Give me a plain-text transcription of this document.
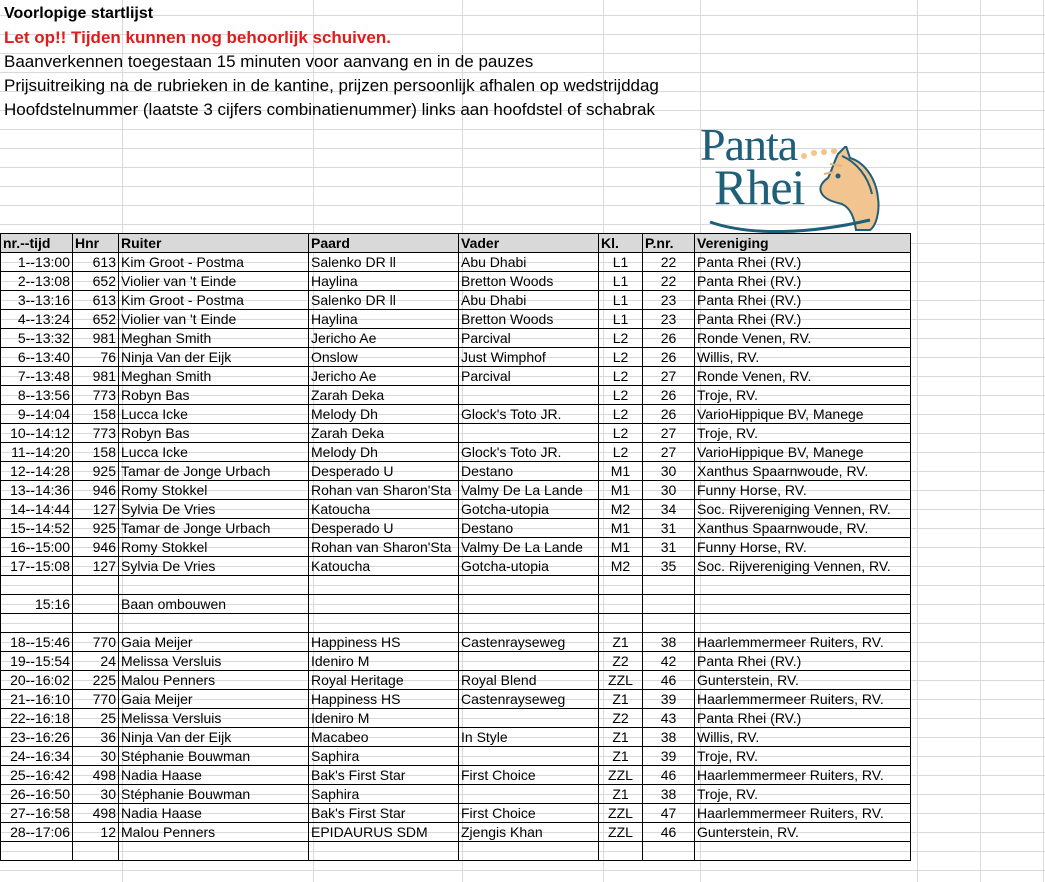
Voorlopige startlijst
Let op!! Tijden kunnen nog behoorlijk schuiven.
Baanverkennen toegestaan 15 minuten voor aanvang en in de pauzes
Prijsuitreiking na de rubrieken in de kantine, prijzen persoonlijk afhalen op wedstrijddag
Hoofdstelnummer (laatste 3 cijfers combinatienummer) links aan hoofdstel of schabrak
Panta
Rhei
nr.--tijd	Hnr	Ruiter	Paard	Vader	Kl.	P.nr.	Vereniging
1--13:00	613	Kim Groot - Postma	Salenko DR ll	Abu Dhabi	L1	22	Panta Rhei (RV.)
2--13:08	652	Violier van 't Einde	Haylina	Bretton Woods	L1	22	Panta Rhei (RV.)
3--13:16	613	Kim Groot - Postma	Salenko DR ll	Abu Dhabi	L1	23	Panta Rhei (RV.)
4--13:24	652	Violier van 't Einde	Haylina	Bretton Woods	L1	23	Panta Rhei (RV.)
5--13:32	981	Meghan Smith	Jericho Ae	Parcival	L2	26	Ronde Venen, RV.
6--13:40	76	Ninja Van der Eijk	Onslow	Just Wimphof	L2	26	Willis, RV.
7--13:48	981	Meghan Smith	Jericho Ae	Parcival	L2	27	Ronde Venen, RV.
8--13:56	773	Robyn Bas	Zarah Deka		L2	26	Troje, RV.
9--14:04	158	Lucca Icke	Melody Dh	Glock's Toto JR.	L2	26	VarioHippique BV, Manege
10--14:12	773	Robyn Bas	Zarah Deka		L2	27	Troje, RV.
11--14:20	158	Lucca Icke	Melody Dh	Glock's Toto JR.	L2	27	VarioHippique BV, Manege
12--14:28	925	Tamar de Jonge Urbach	Desperado U	Destano	M1	30	Xanthus Spaarnwoude, RV.
13--14:36	946	Romy Stokkel	Rohan van Sharon'Sta	Valmy De La Lande	M1	30	Funny Horse, RV.
14--14:44	127	Sylvia De Vries	Katoucha	Gotcha-utopia	M2	34	Soc. Rijvereniging Vennen, RV.
15--14:52	925	Tamar de Jonge Urbach	Desperado U	Destano	M1	31	Xanthus Spaarnwoude, RV.
16--15:00	946	Romy Stokkel	Rohan van Sharon'Sta	Valmy De La Lande	M1	31	Funny Horse, RV.
17--15:08	127	Sylvia De Vries	Katoucha	Gotcha-utopia	M2	35	Soc. Rijvereniging Vennen, RV.

15:16		Baan ombouwen					

18--15:46	770	Gaia Meijer	Happiness HS	Castenrayseweg	Z1	38	Haarlemmermeer Ruiters, RV.
19--15:54	24	Melissa Versluis	Ideniro M		Z2	42	Panta Rhei (RV.)
20--16:02	225	Malou Penners	Royal Heritage	Royal Blend	ZZL	46	Gunterstein, RV.
21--16:10	770	Gaia Meijer	Happiness HS	Castenrayseweg	Z1	39	Haarlemmermeer Ruiters, RV.
22--16:18	25	Melissa Versluis	Ideniro M		Z2	43	Panta Rhei (RV.)
23--16:26	36	Ninja Van der Eijk	Macabeo	In Style	Z1	38	Willis, RV.
24--16:34	30	Stéphanie Bouwman	Saphira		Z1	39	Troje, RV.
25--16:42	498	Nadia Haase	Bak's First Star	First Choice	ZZL	46	Haarlemmermeer Ruiters, RV.
26--16:50	30	Stéphanie Bouwman	Saphira		Z1	38	Troje, RV.
27--16:58	498	Nadia Haase	Bak's First Star	First Choice	ZZL	47	Haarlemmermeer Ruiters, RV.
28--17:06	12	Malou Penners	EPIDAURUS SDM	Zjengis Khan	ZZL	46	Gunterstein, RV.
